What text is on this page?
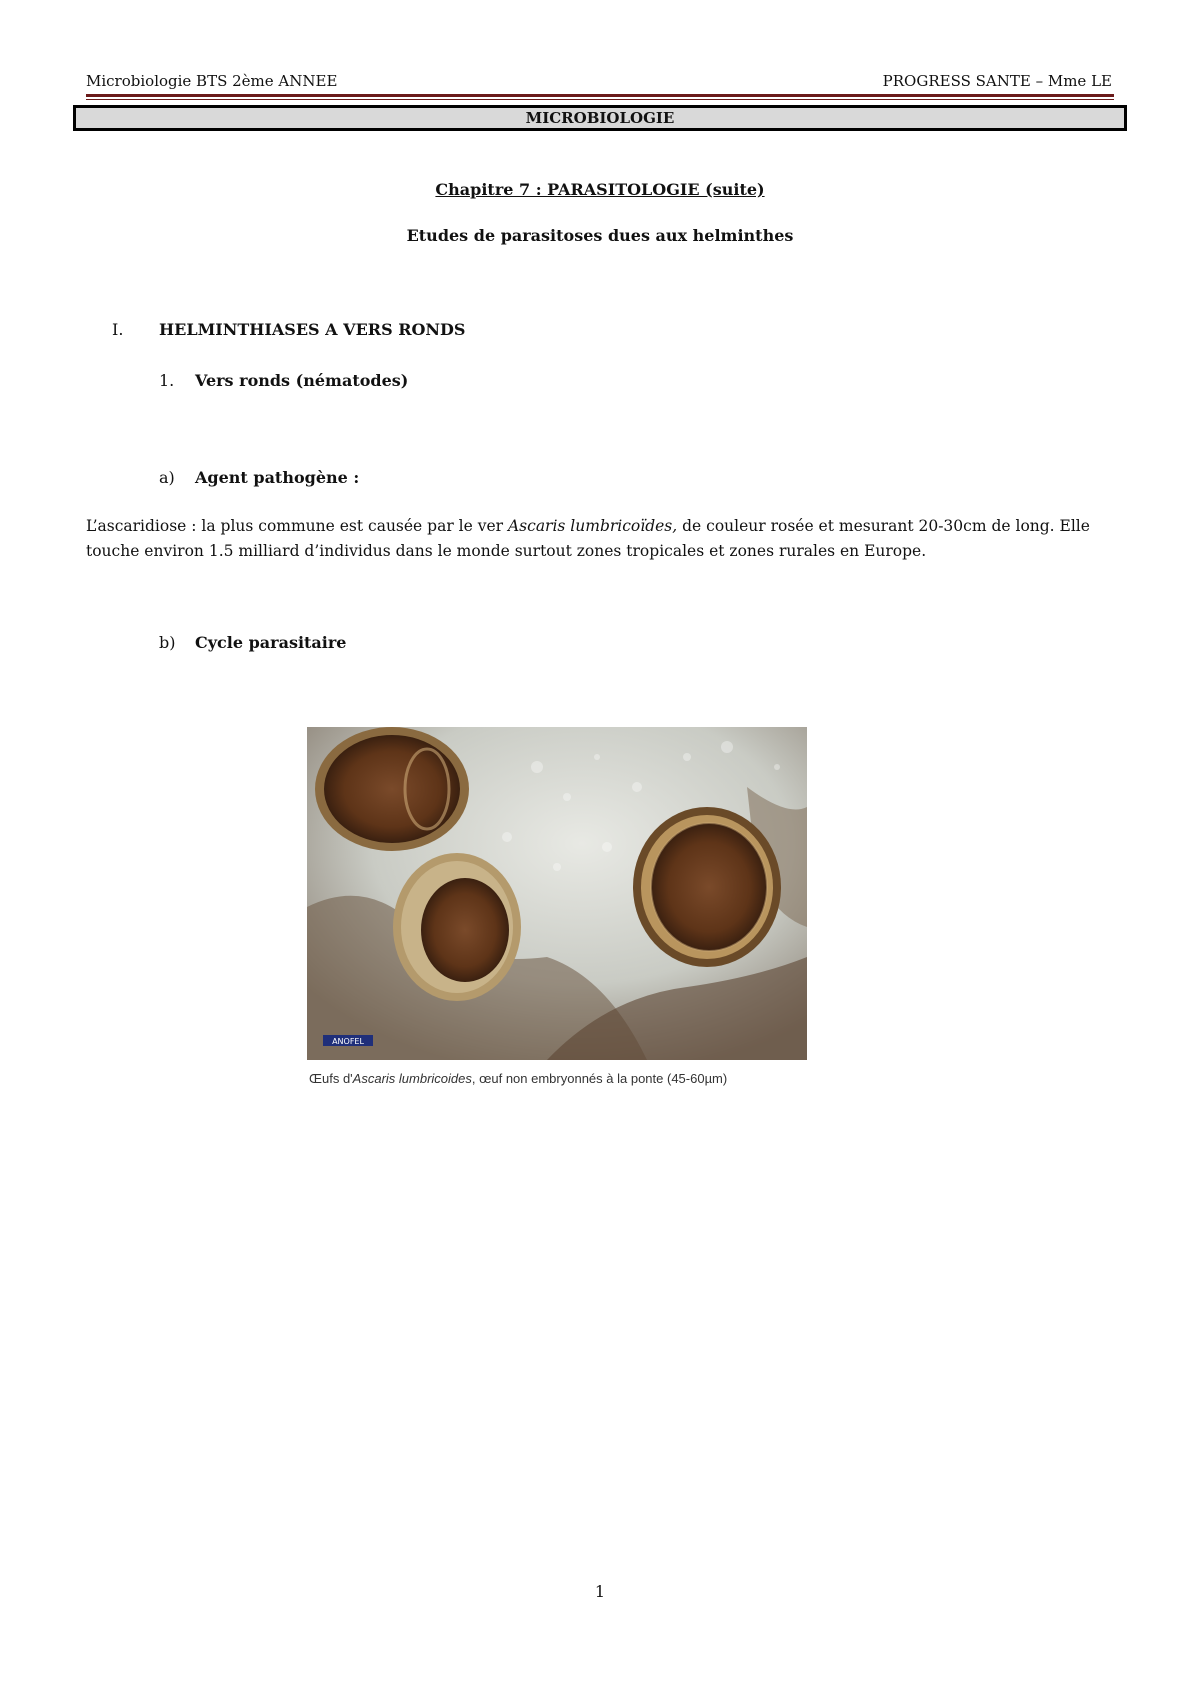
Microbiologie BTS 2ème ANNEE	PROGRESS SANTE – Mme LE
MICROBIOLOGIE
Chapitre 7 : PARASITOLOGIE (suite)
Etudes de parasitoses dues aux helminthes
I. HELMINTHIASES A VERS RONDS
1. Vers ronds (nématodes)
a) Agent pathogène :
L’ascaridiose : la plus commune est causée par le ver Ascaris lumbricoïdes, de couleur rosée et mesurant 20-30cm de long. Elle touche environ 1.5 milliard d’individus dans le monde surtout zones tropicales et zones rurales en Europe.
b) Cycle parasitaire
ANOFEL
Œufs d'Ascaris lumbricoides, œuf non embryonnés à la ponte (45-60µm)
1
